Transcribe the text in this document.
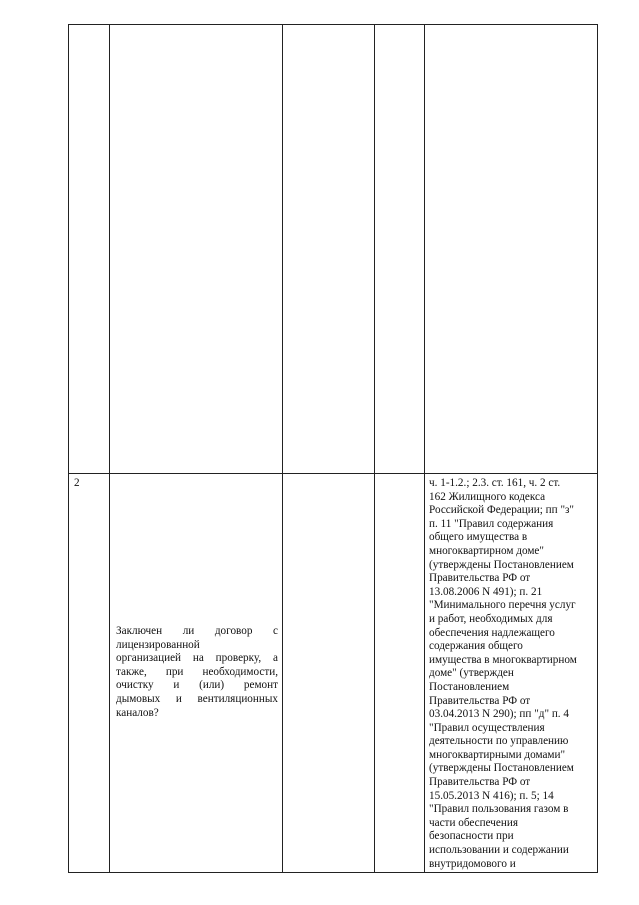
2
Заключен ли договор с
лицензированной
организацией на проверку, а
также, при необходимости,
очистку и (или) ремонт
дымовых и вентиляционных
каналов?
ч. 1-1.2.; 2.3. ст. 161, ч. 2 ст.
162 Жилищного кодекса
Российской Федерации; пп "з"
п. 11 "Правил содержания
общего имущества в
многоквартирном доме"
(утверждены Постановлением
Правительства РФ от
13.08.2006 N 491); п. 21
"Минимального перечня услуг
и работ, необходимых для
обеспечения надлежащего
содержания общего
имущества в многоквартирном
доме" (утвержден
Постановлением
Правительства РФ от
03.04.2013 N 290); пп "д" п. 4
"Правил осуществления
деятельности по управлению
многоквартирными домами"
(утверждены Постановлением
Правительства РФ от
15.05.2013 N 416); п. 5; 14
"Правил пользования газом в
части обеспечения
безопасности при
использовании и содержании
внутридомового и
